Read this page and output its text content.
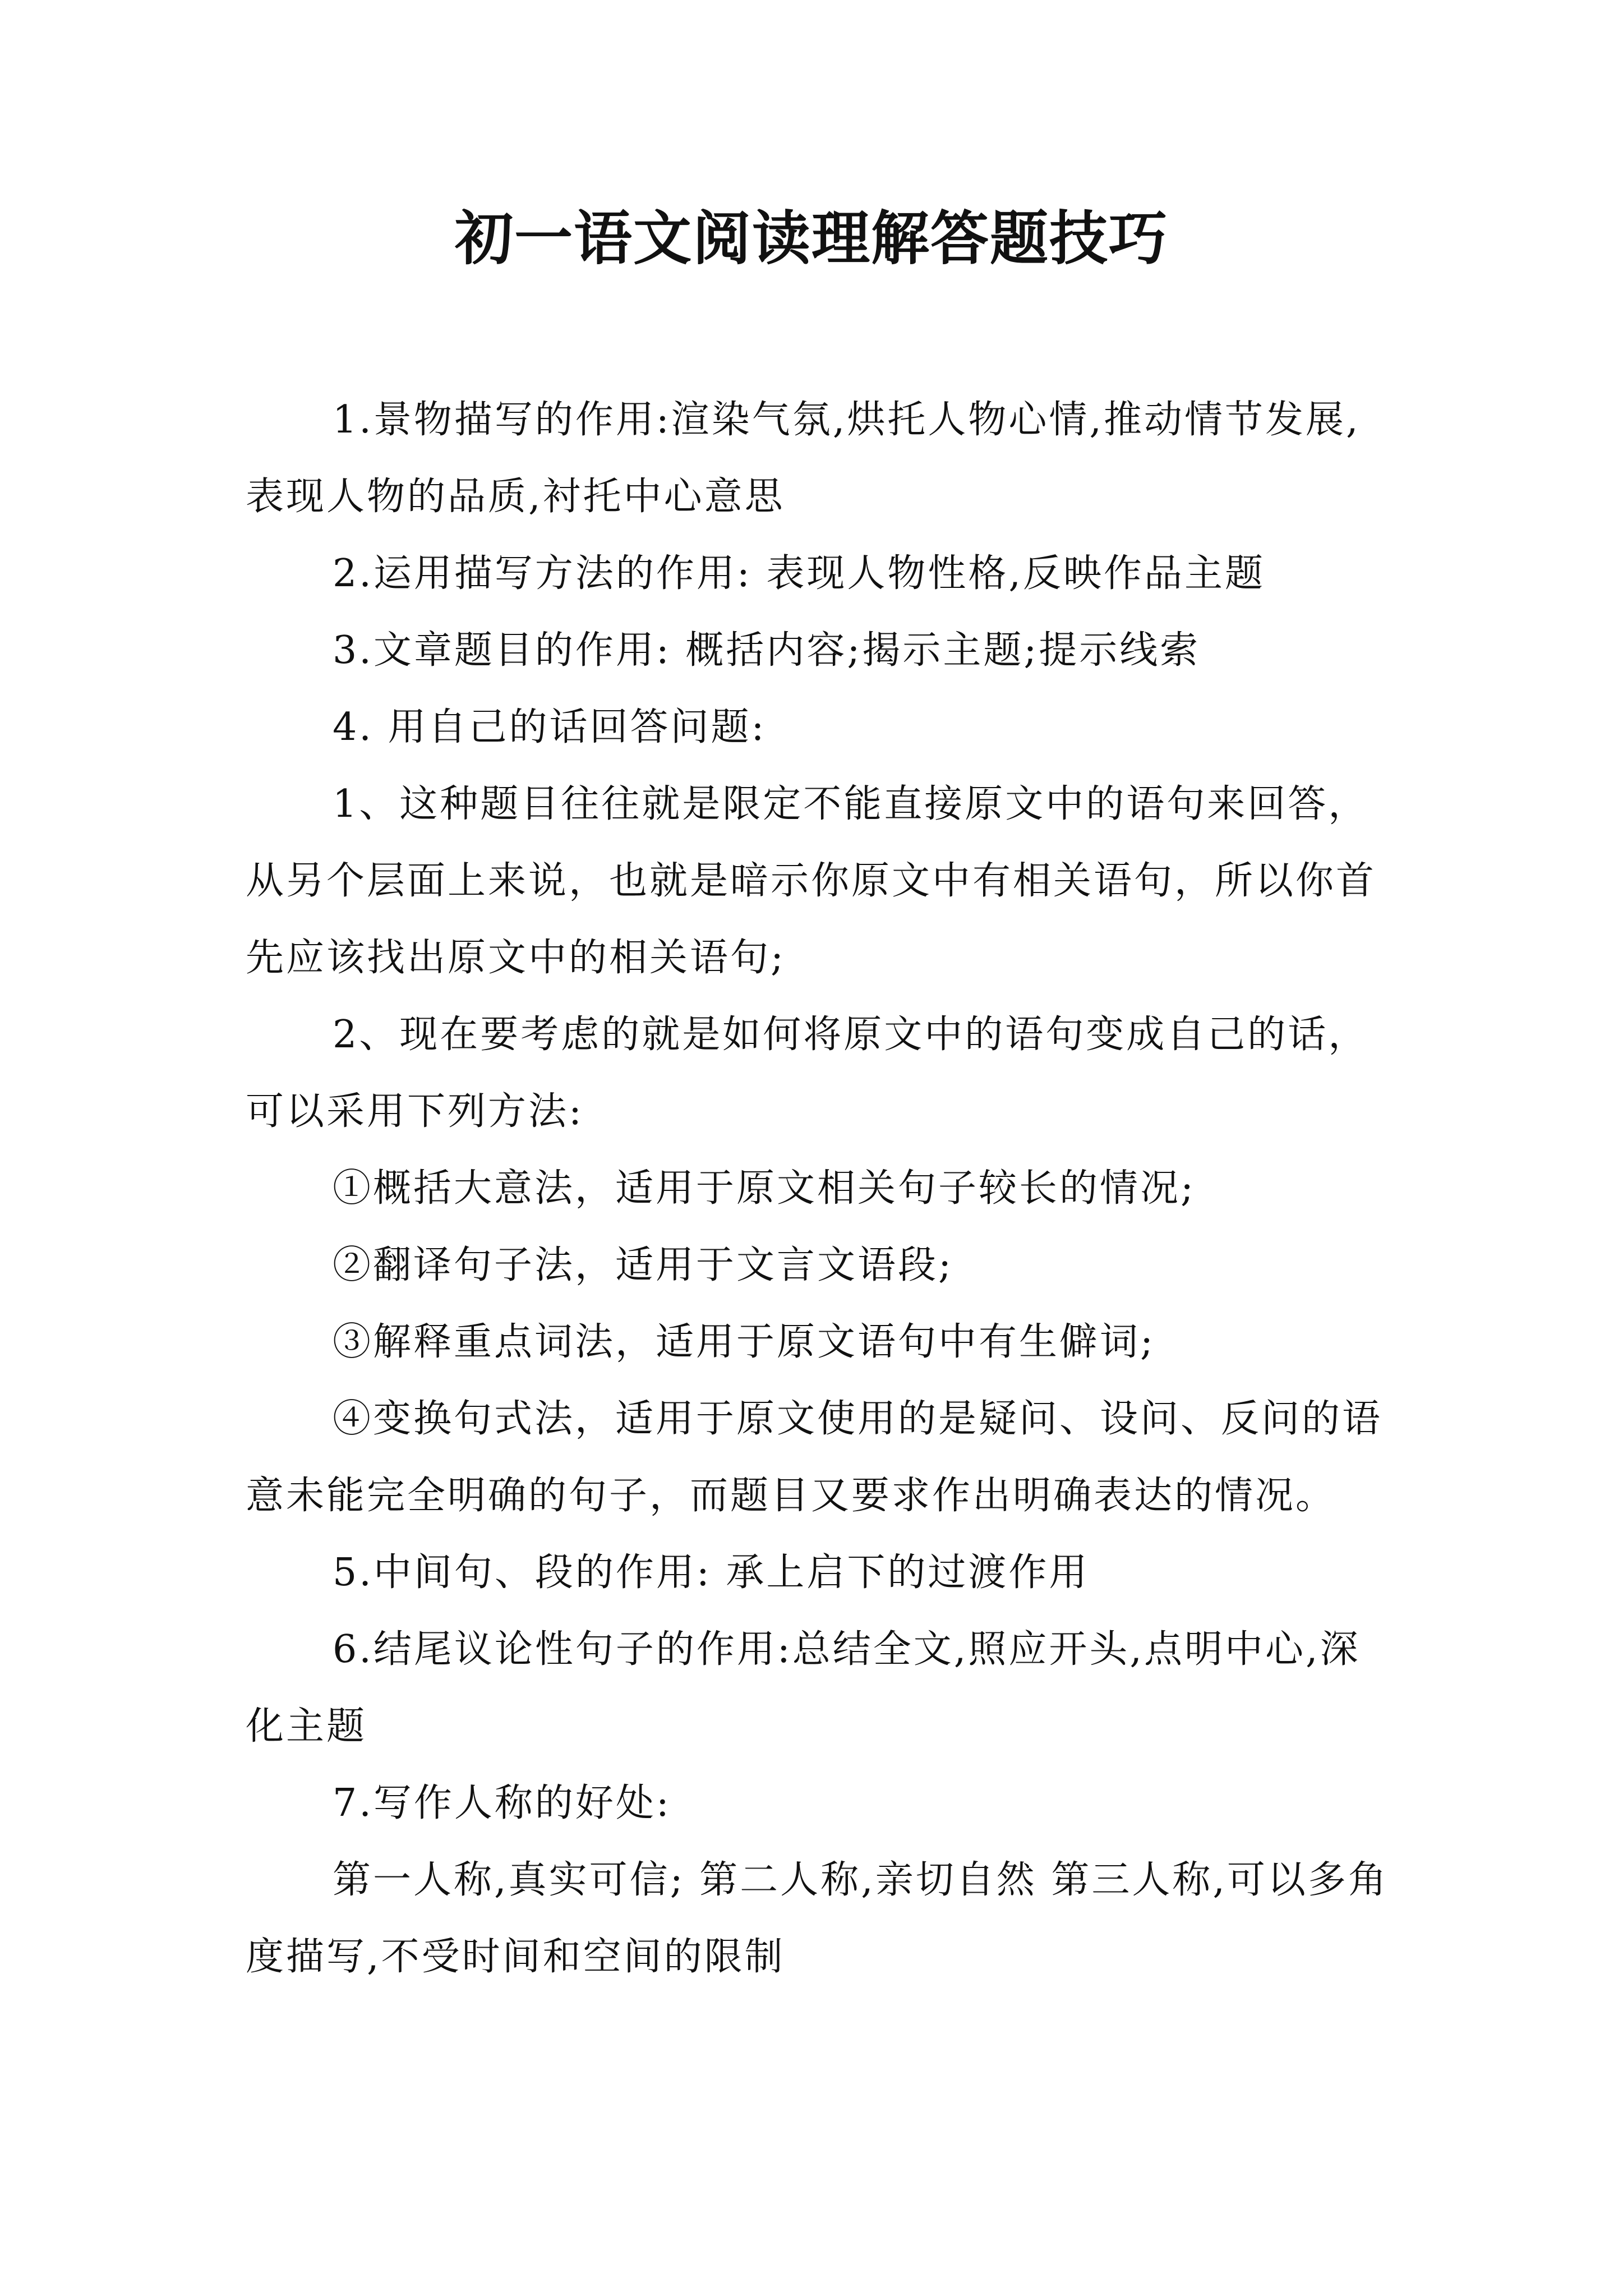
初一语文阅读理解答题技巧

1.景物描写的作用:渲染气氛,烘托人物心情,推动情节发展,表现人物的品质,衬托中心意思

2.运用描写方法的作用: 表现人物性格,反映作品主题

3.文章题目的作用: 概括内容;揭示主题;提示线索

4. 用自己的话回答问题:

1、这种题目往往就是限定不能直接原文中的语句来回答，从另个层面上来说，也就是暗示你原文中有相关语句，所以你首先应该找出原文中的相关语句;

2、现在要考虑的就是如何将原文中的语句变成自己的话，可以采用下列方法:

①概括大意法，适用于原文相关句子较长的情况;

②翻译句子法，适用于文言文语段;

③解释重点词法，适用于原文语句中有生僻词;

④变换句式法，适用于原文使用的是疑问、设问、反问的语意未能完全明确的句子，而题目又要求作出明确表达的情况。

5.中间句、段的作用: 承上启下的过渡作用

6.结尾议论性句子的作用:总结全文,照应开头,点明中心,深化主题

7.写作人称的好处:

第一人称,真实可信; 第二人称,亲切自然 第三人称,可以多角度描写,不受时间和空间的限制
